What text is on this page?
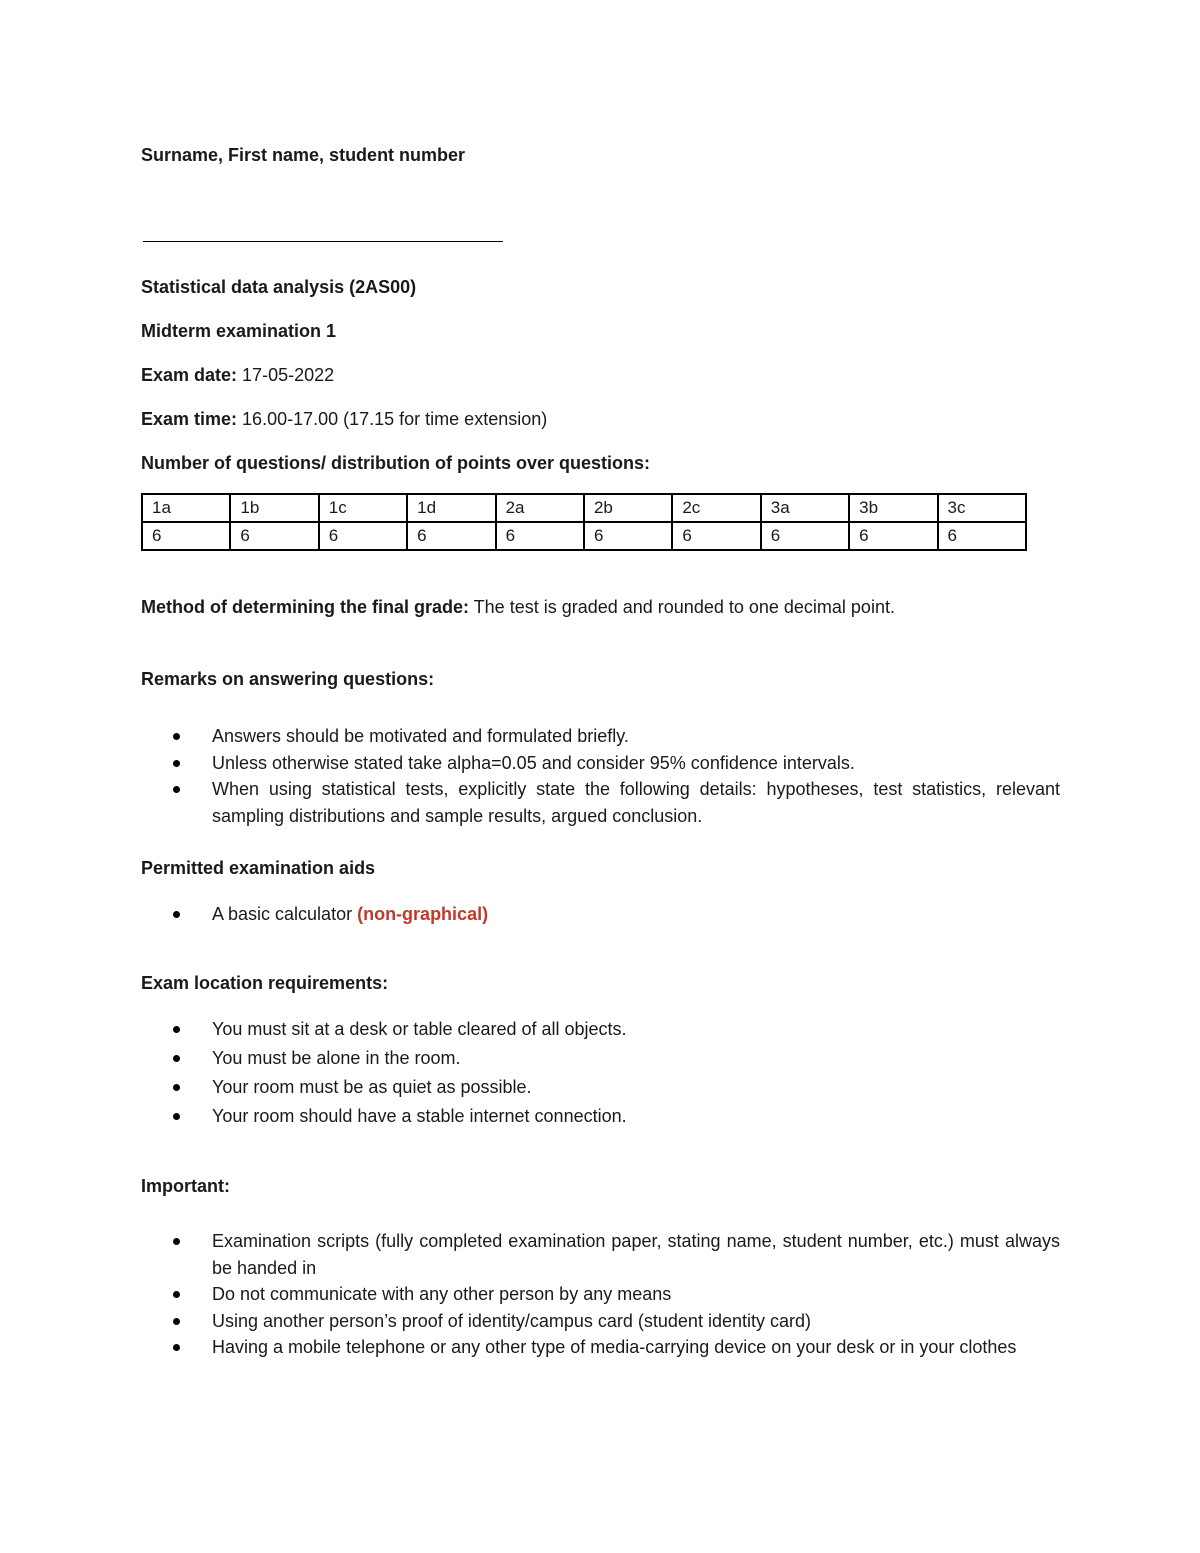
Surname, First name, student number
Statistical data analysis (2AS00)
Midterm examination 1
Exam date: 17-05-2022
Exam time: 16.00-17.00 (17.15 for time extension)
Number of questions/ distribution of points over questions:
1a	1b	1c	1d	2a	2b	2c	3a	3b	3c
6	6	6	6	6	6	6	6	6	6
Method of determining the final grade: The test is graded and rounded to one decimal point.
Remarks on answering questions:
Answers should be motivated and formulated briefly.
Unless otherwise stated take alpha=0.05 and consider 95% confidence intervals.
When using statistical tests, explicitly state the following details: hypotheses, test statistics, relevant sampling distributions and sample results, argued conclusion.
Permitted examination aids
A basic calculator (non-graphical)
Exam location requirements:
You must sit at a desk or table cleared of all objects.
You must be alone in the room.
Your room must be as quiet as possible.
Your room should have a stable internet connection.
Important:
Examination scripts (fully completed examination paper, stating name, student number, etc.) must always be handed in
Do not communicate with any other person by any means
Using another person’s proof of identity/campus card (student identity card)
Having a mobile telephone or any other type of media-carrying device on your desk or in your clothes
